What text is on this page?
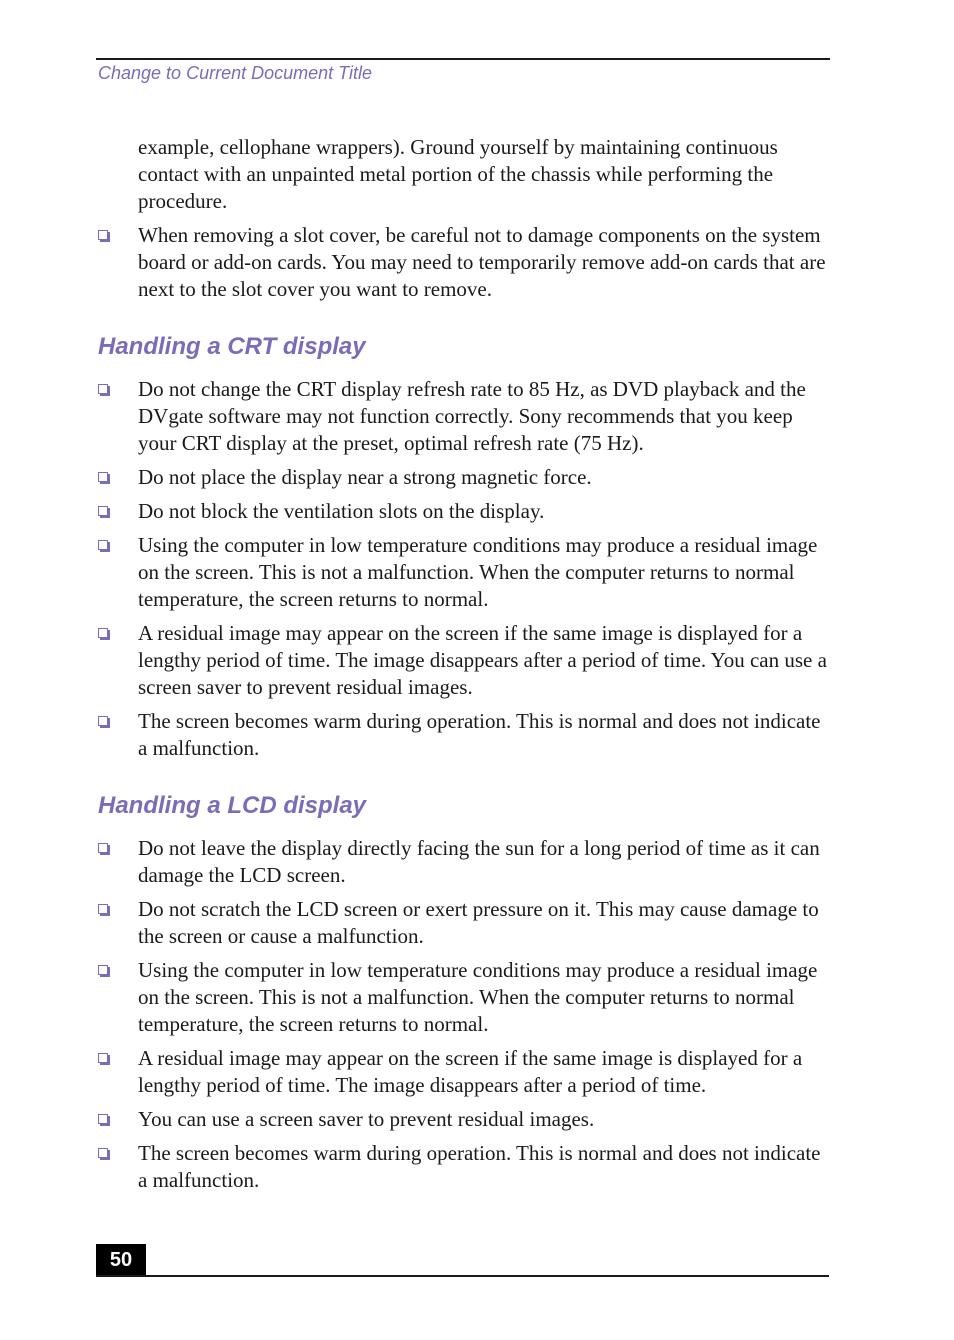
Change to Current Document Title

example, cellophane wrappers). Ground yourself by maintaining continuous contact with an unpainted metal portion of the chassis while performing the procedure.

When removing a slot cover, be careful not to damage components on the system board or add-on cards. You may need to temporarily remove add-on cards that are next to the slot cover you want to remove.
Handling a CRT display
Do not change the CRT display refresh rate to 85 Hz, as DVD playback and the DVgate software may not function correctly. Sony recommends that you keep your CRT display at the preset, optimal refresh rate (75 Hz).
Do not place the display near a strong magnetic force.
Do not block the ventilation slots on the display.
Using the computer in low temperature conditions may produce a residual image on the screen. This is not a malfunction. When the computer returns to normal temperature, the screen returns to normal.
A residual image may appear on the screen if the same image is displayed for a lengthy period of time. The image disappears after a period of time. You can use a screen saver to prevent residual images.
The screen becomes warm during operation. This is normal and does not indicate a malfunction.
Handling a LCD display
Do not leave the display directly facing the sun for a long period of time as it can damage the LCD screen.
Do not scratch the LCD screen or exert pressure on it. This may cause damage to the screen or cause a malfunction.
Using the computer in low temperature conditions may produce a residual image on the screen. This is not a malfunction. When the computer returns to normal temperature, the screen returns to normal.
A residual image may appear on the screen if the same image is displayed for a lengthy period of time. The image disappears after a period of time.
You can use a screen saver to prevent residual images.
The screen becomes warm during operation. This is normal and does not indicate a malfunction.
50
